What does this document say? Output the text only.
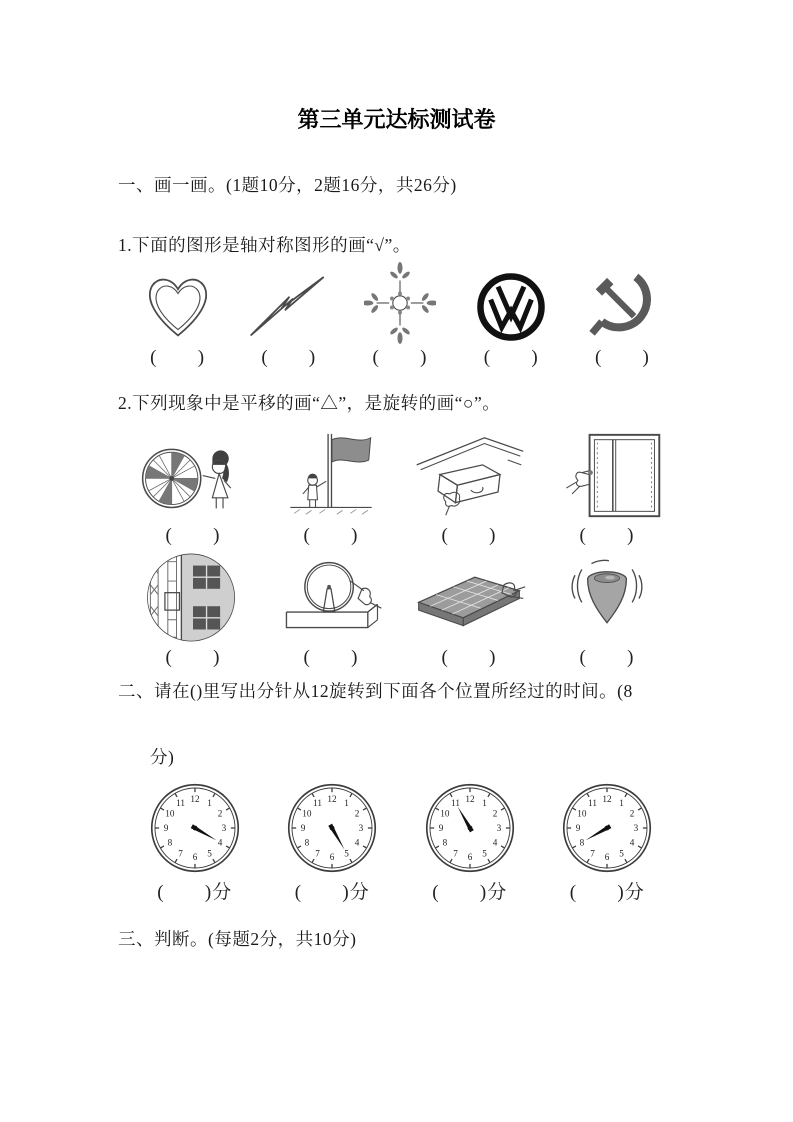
第三单元达标测试卷
一、画一画。(1题10分，2题16分，共26分)
1.下面的图形是轴对称图形的画“√”。
(       )	(       )	(       )	(       )	(       )
2.下列现象中是平移的画“△”，是旋转的画“○”。
(       )	(       )	(       )	(       )
(       )	(       )	(       )	(       )
二、请在()里写出分针从12旋转到下面各个位置所经过的时间。(8
分)
1
2
3
4
5
6
7
8
9
10
11 12
(       )分
1
2
3
4
5
6
7
8
9
10
11 12
(       )分
1
2
3
4
5
6
7
8
9
10
11 12
(       )分
1
2
3
4
5
6
7
8
9
10
11 12
(       )分
三、判断。(每题2分，共10分)
